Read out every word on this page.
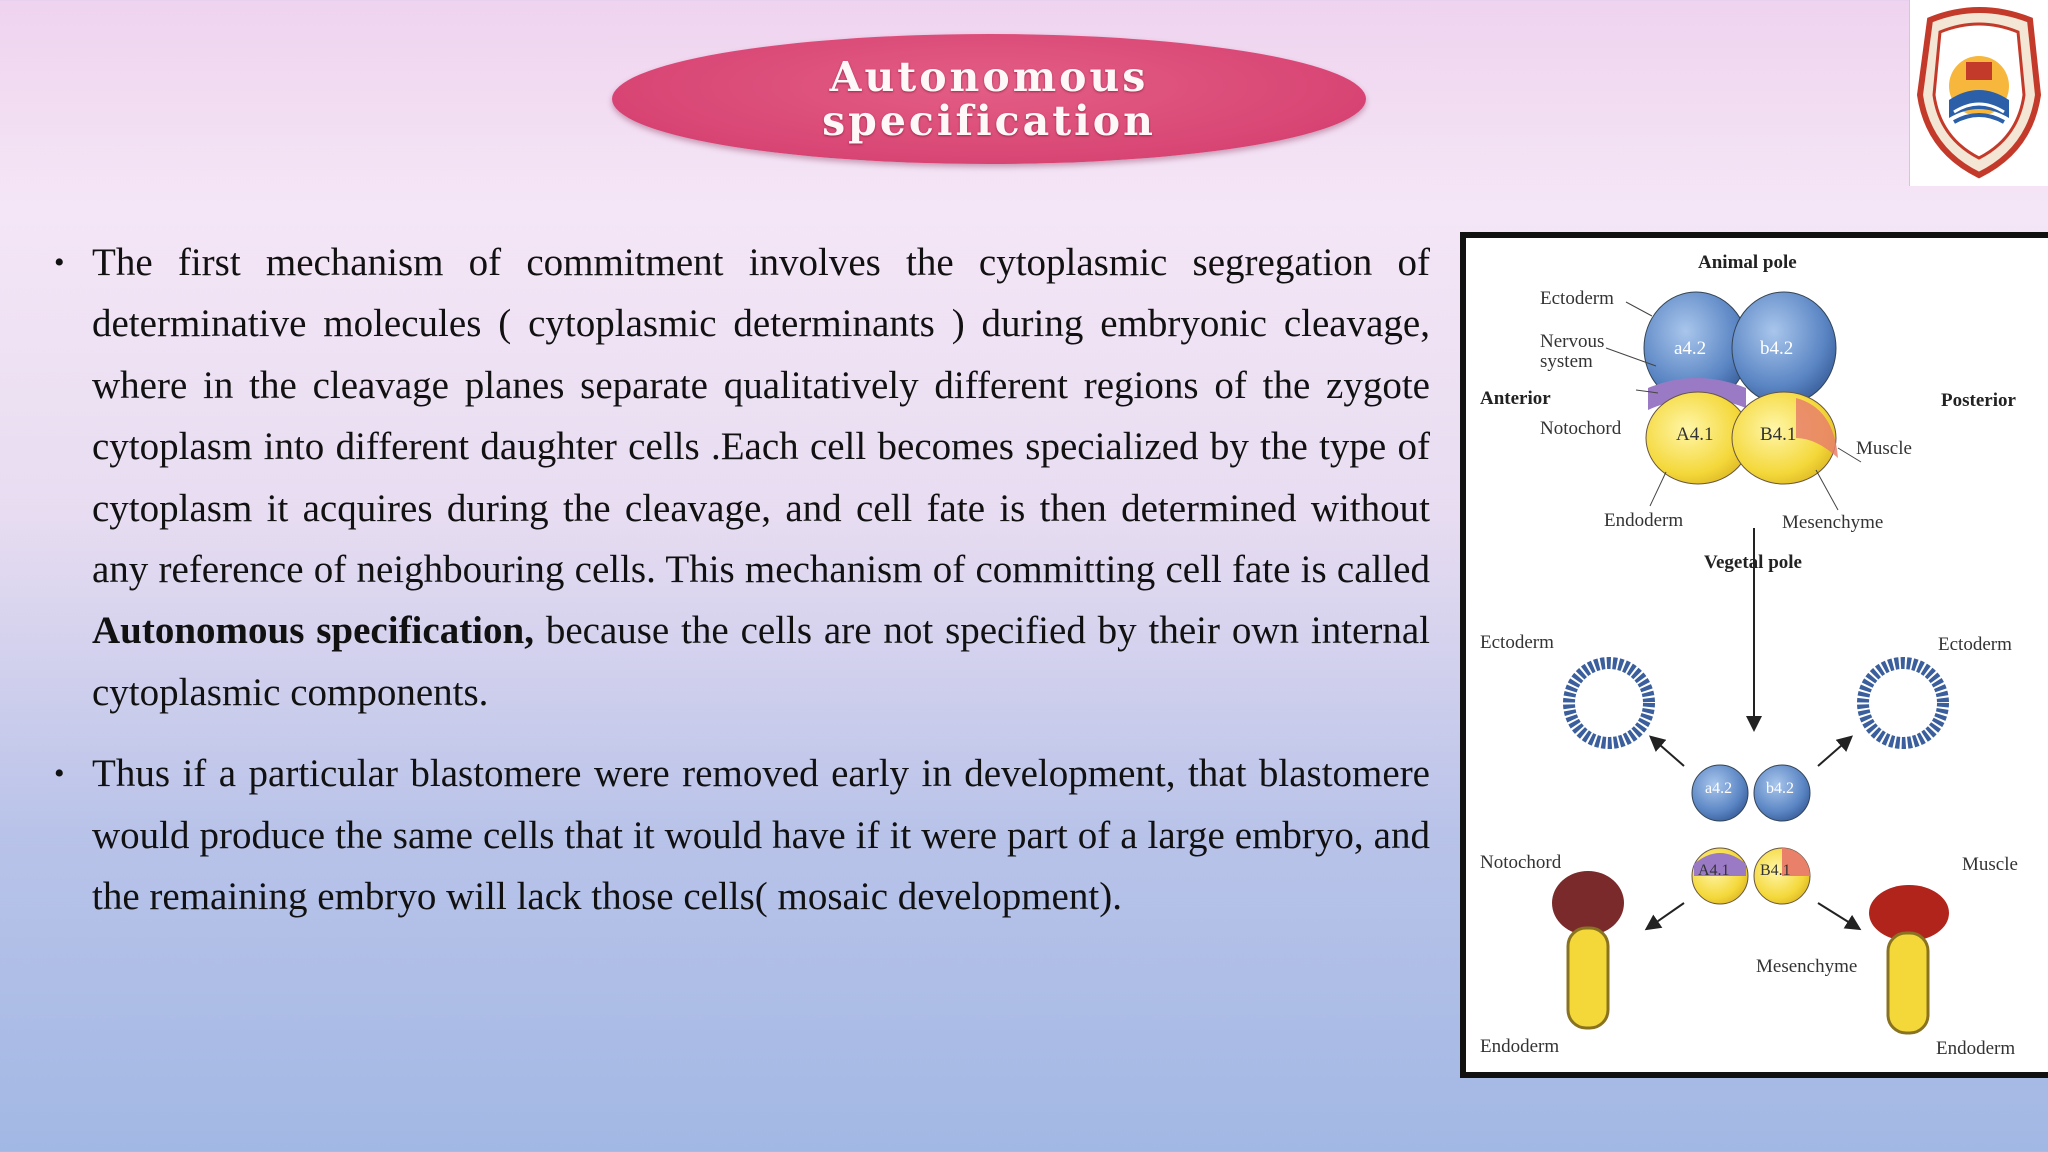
Autonomous
specification
• The first mechanism of commitment involves the cytoplasmic segregation of determinative molecules ( cytoplasmic determinants ) during embryonic cleavage, where in the cleavage planes separate qualitatively different regions of the zygote cytoplasm into different daughter cells .Each cell becomes specialized by the type of cytoplasm it acquires during the cleavage, and cell fate is then determined without any reference of neighbouring cells. This mechanism of committing cell fate is called Autonomous specification, because the cells are not specified by their own internal cytoplasmic components.
• Thus if a particular blastomere were removed early in development, that blastomere would produce the same cells that it would have if it were part of a large embryo, and the remaining embryo will lack those cells( mosaic development).
Animal pole
Ectoderm
Nervous
system
Anterior	Posterior
Notochord
a4.2	b4.2
A4.1 B4.1
Muscle
Endoderm	Mesenchyme
Vegetal pole
Ectoderm	Ectoderm
a4.2
A4.1 B4.1
Notochord	Muscle
Mesenchyme
Endoderm	Endoderm
b4.2
